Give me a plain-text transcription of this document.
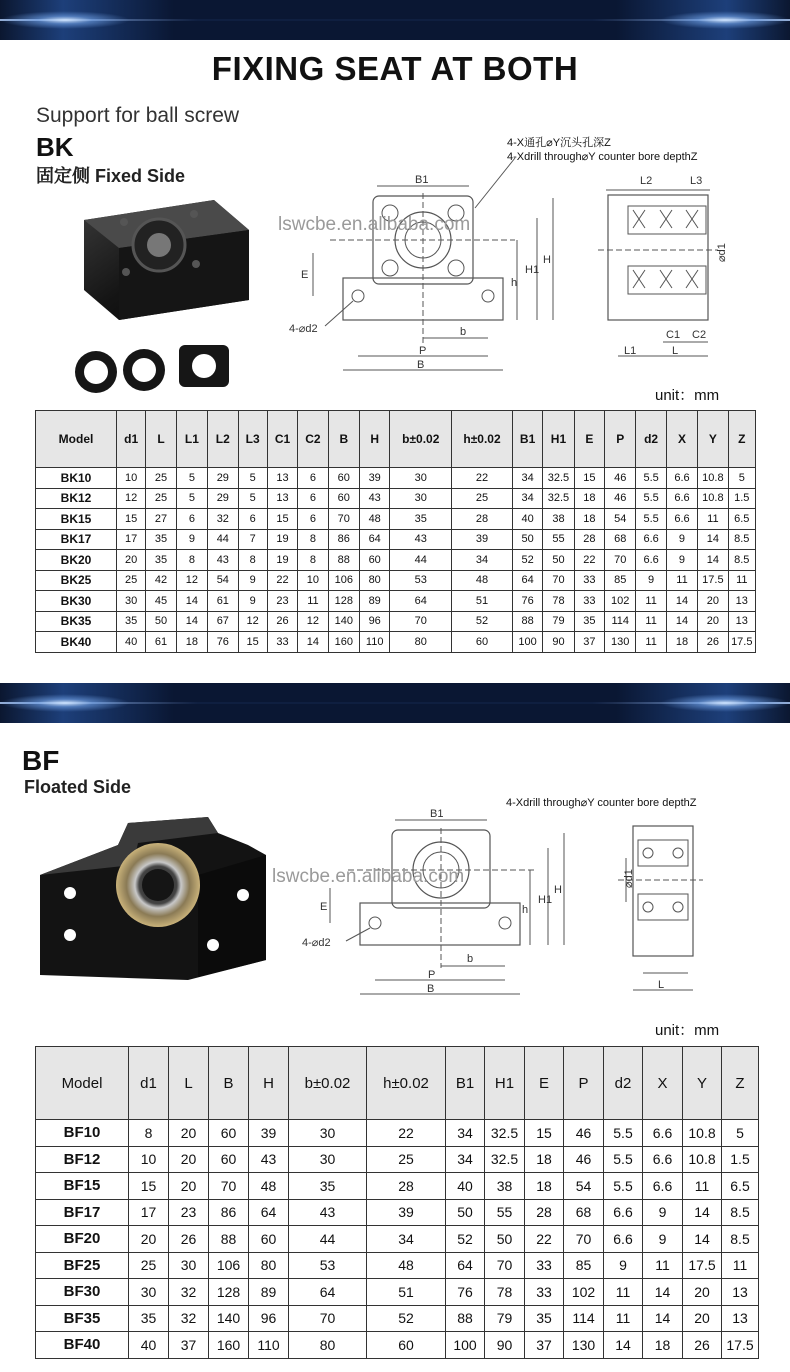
FIXING SEAT AT BOTH
Support for ball screw
BK
固定侧 Fixed Side
4-X通孔⌀Y沉头孔深Z
4-Xdrill through⌀Y counter bore depthZ
B1
E
h
H1
H
4-⌀d2	b
P
B
lswcbe.en.alibaba.com
L2	L3
⌀d1
C1 C2
L1	L
unit：mm
Model	d1	L	L1	L2	L3	C1	C2	B	H	b±0.02	h±0.02	B1	H1	E	P	d2	X	Y	Z
BK10	10	25	5	29	5	13	6	60	39	30	22	34	32.5	15	46	5.5	6.6	10.8	5
BK12	12	25	5	29	5	13	6	60	43	30	25	34	32.5	18	46	5.5	6.6	10.8	1.5
BK15	15	27	6	32	6	15	6	70	48	35	28	40	38	18	54	5.5	6.6	11	6.5
BK17	17	35	9	44	7	19	8	86	64	43	39	50	55	28	68	6.6	9	14	8.5
BK20	20	35	8	43	8	19	8	88	60	44	34	52	50	22	70	6.6	9	14	8.5
BK25	25	42	12	54	9	22	10	106	80	53	48	64	70	33	85	9	11	17.5	11
BK30	30	45	14	61	9	23	11	128	89	64	51	76	78	33	102	11	14	20	13
BK35	35	50	14	67	12	26	12	140	96	70	52	88	79	35	114	11	14	20	13
BK40	40	61	18	76	15	33	14	160	110	80	60	100	90	37	130	11	18	26	17.5
BF
Floated Side
4-Xdrill through⌀Y counter bore depthZ
B1
E	h
H1
H
4-⌀d2
b
P
B
lswcbe.en.alibaba.com	⌀d1
L
unit：mm
Model	d1	L	B	H	b±0.02	h±0.02	B1	H1	E	P	d2	X	Y	Z
BF10	8	20	60	39	30	22	34	32.5	15	46	5.5	6.6	10.8	5
BF12	10	20	60	43	30	25	34	32.5	18	46	5.5	6.6	10.8	1.5
BF15	15	20	70	48	35	28	40	38	18	54	5.5	6.6	11	6.5
BF17	17	23	86	64	43	39	50	55	28	68	6.6	9	14	8.5
BF20	20	26	88	60	44	34	52	50	22	70	6.6	9	14	8.5
BF25	25	30	106	80	53	48	64	70	33	85	9	11	17.5	11
BF30	30	32	128	89	64	51	76	78	33	102	11	14	20	13
BF35	35	32	140	96	70	52	88	79	35	114	11	14	20	13
BF40	40	37	160	110	80	60	100	90	37	130	14	18	26	17.5
